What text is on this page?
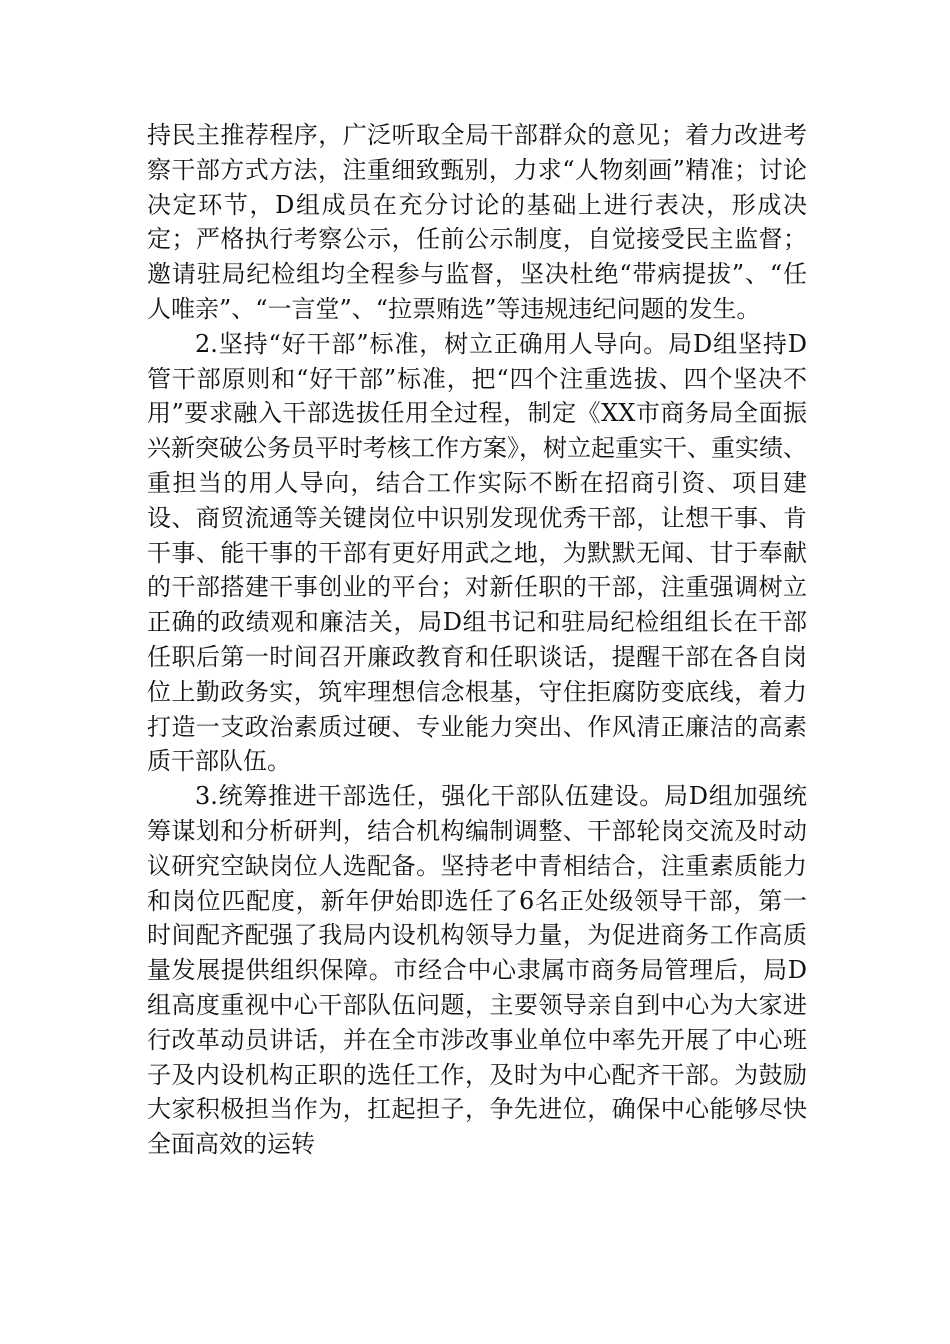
持民主推荐程序，广泛听取全局干部群众的意见；着力改进考察干部方式方法，注重细致甄别，力求“人物刻画”精准；讨论决定环节，D组成员在充分讨论的基础上进行表决，形成决定；严格执行考察公示，任前公示制度，自觉接受民主监督；邀请驻局纪检组均全程参与监督，坚决杜绝“带病提拔”、“任人唯亲”、“一言堂”、“拉票贿选”等违规违纪问题的发生。

2.坚持“好干部”标准，树立正确用人导向。局D组坚持D管干部原则和“好干部”标准，把“四个注重选拔、四个坚决不用”要求融入干部选拔任用全过程，制定《XX市商务局全面振兴新突破公务员平时考核工作方案》，树立起重实干、重实绩、重担当的用人导向，结合工作实际不断在招商引资、项目建设、商贸流通等关键岗位中识别发现优秀干部，让想干事、肯干事、能干事的干部有更好用武之地，为默默无闻、甘于奉献的干部搭建干事创业的平台；对新任职的干部，注重强调树立正确的政绩观和廉洁关，局D组书记和驻局纪检组组长在干部任职后第一时间召开廉政教育和任职谈话，提醒干部在各自岗位上勤政务实，筑牢理想信念根基，守住拒腐防变底线，着力打造一支政治素质过硬、专业能力突出、作风清正廉洁的高素质干部队伍。

3.统筹推进干部选任，强化干部队伍建设。局D组加强统筹谋划和分析研判，结合机构编制调整、干部轮岗交流及时动议研究空缺岗位人选配备。坚持老中青相结合，注重素质能力和岗位匹配度，新年伊始即选任了6名正处级领导干部，第一时间配齐配强了我局内设机构领导力量，为促进商务工作高质量发展提供组织保障。市经合中心隶属市商务局管理后，局D组高度重视中心干部队伍问题，主要领导亲自到中心为大家进行改革动员讲话，并在全市涉改事业单位中率先开展了中心班子及内设机构正职的选任工作，及时为中心配齐干部。为鼓励大家积极担当作为，扛起担子，争先进位，确保中心能够尽快全面高效的运转
